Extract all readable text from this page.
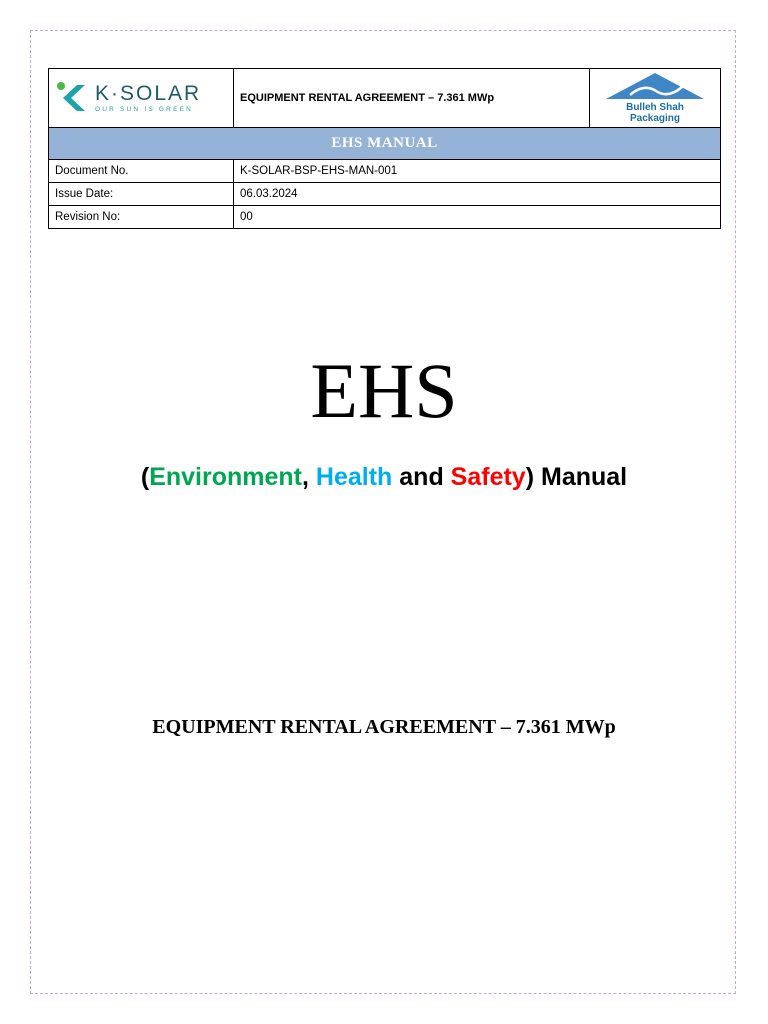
K·SOLAR
OUR SUN IS GREEN	EQUIPMENT RENTAL AGREEMENT – 7.361 MWp	Bulleh Shah Packaging

EHS MANUAL		
Document No.	K-SOLAR-BSP-EHS-MAN-001	
Issue Date:	06.03.2024	
Revision No:	00	
EHS
(Environment, Health and Safety) Manual
EQUIPMENT RENTAL AGREEMENT – 7.361 MWp
